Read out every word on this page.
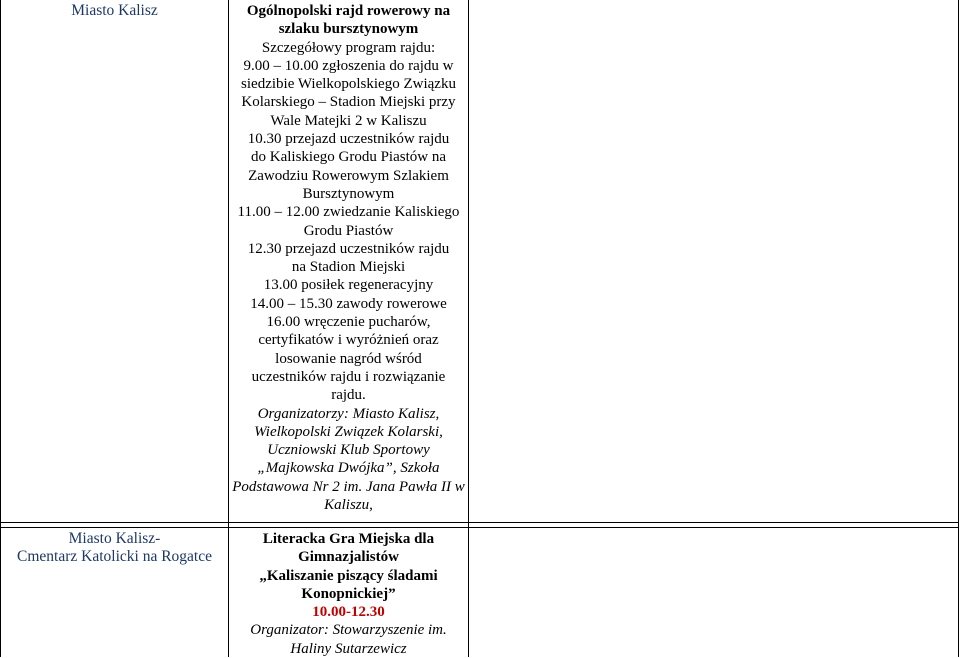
Miasto Kalisz	Ogólnopolski rajd rowerowy na
szlaku bursztynowym
Szczegółowy program rajdu:
9.00 – 10.00 zgłoszenia do rajdu w
siedzibie Wielkopolskiego Związku
Kolarskiego – Stadion Miejski przy
Wale Matejki 2 w Kaliszu
10.30 przejazd uczestników rajdu
do Kaliskiego Grodu Piastów na
Zawodziu Rowerowym Szlakiem
Bursztynowym
11.00 – 12.00 zwiedzanie Kaliskiego
Grodu Piastów
12.30 przejazd uczestników rajdu
na Stadion Miejski
13.00 posiłek regeneracyjny
14.00 – 15.30 zawody rowerowe
16.00 wręczenie pucharów,
certyfikatów i wyróżnień oraz
losowanie nagród wśród
uczestników rajdu i rozwiązanie
rajdu.
Organizatorzy: Miasto Kalisz,
Wielkopolski Związek Kolarski,
Uczniowski Klub Sportowy
„Majkowska Dwójka”, Szkoła
Podstawowa Nr 2 im. Jana Pawła II w
Kaliszu,
Miasto Kalisz-
Cmentarz Katolicki na Rogatce
Literacka Gra Miejska dla
Gimnazjalistów
„Kaliszanie piszący śladami
Konopnickiej”
10.00-12.30
Organizator: Stowarzyszenie im.
Haliny Sutarzewicz
